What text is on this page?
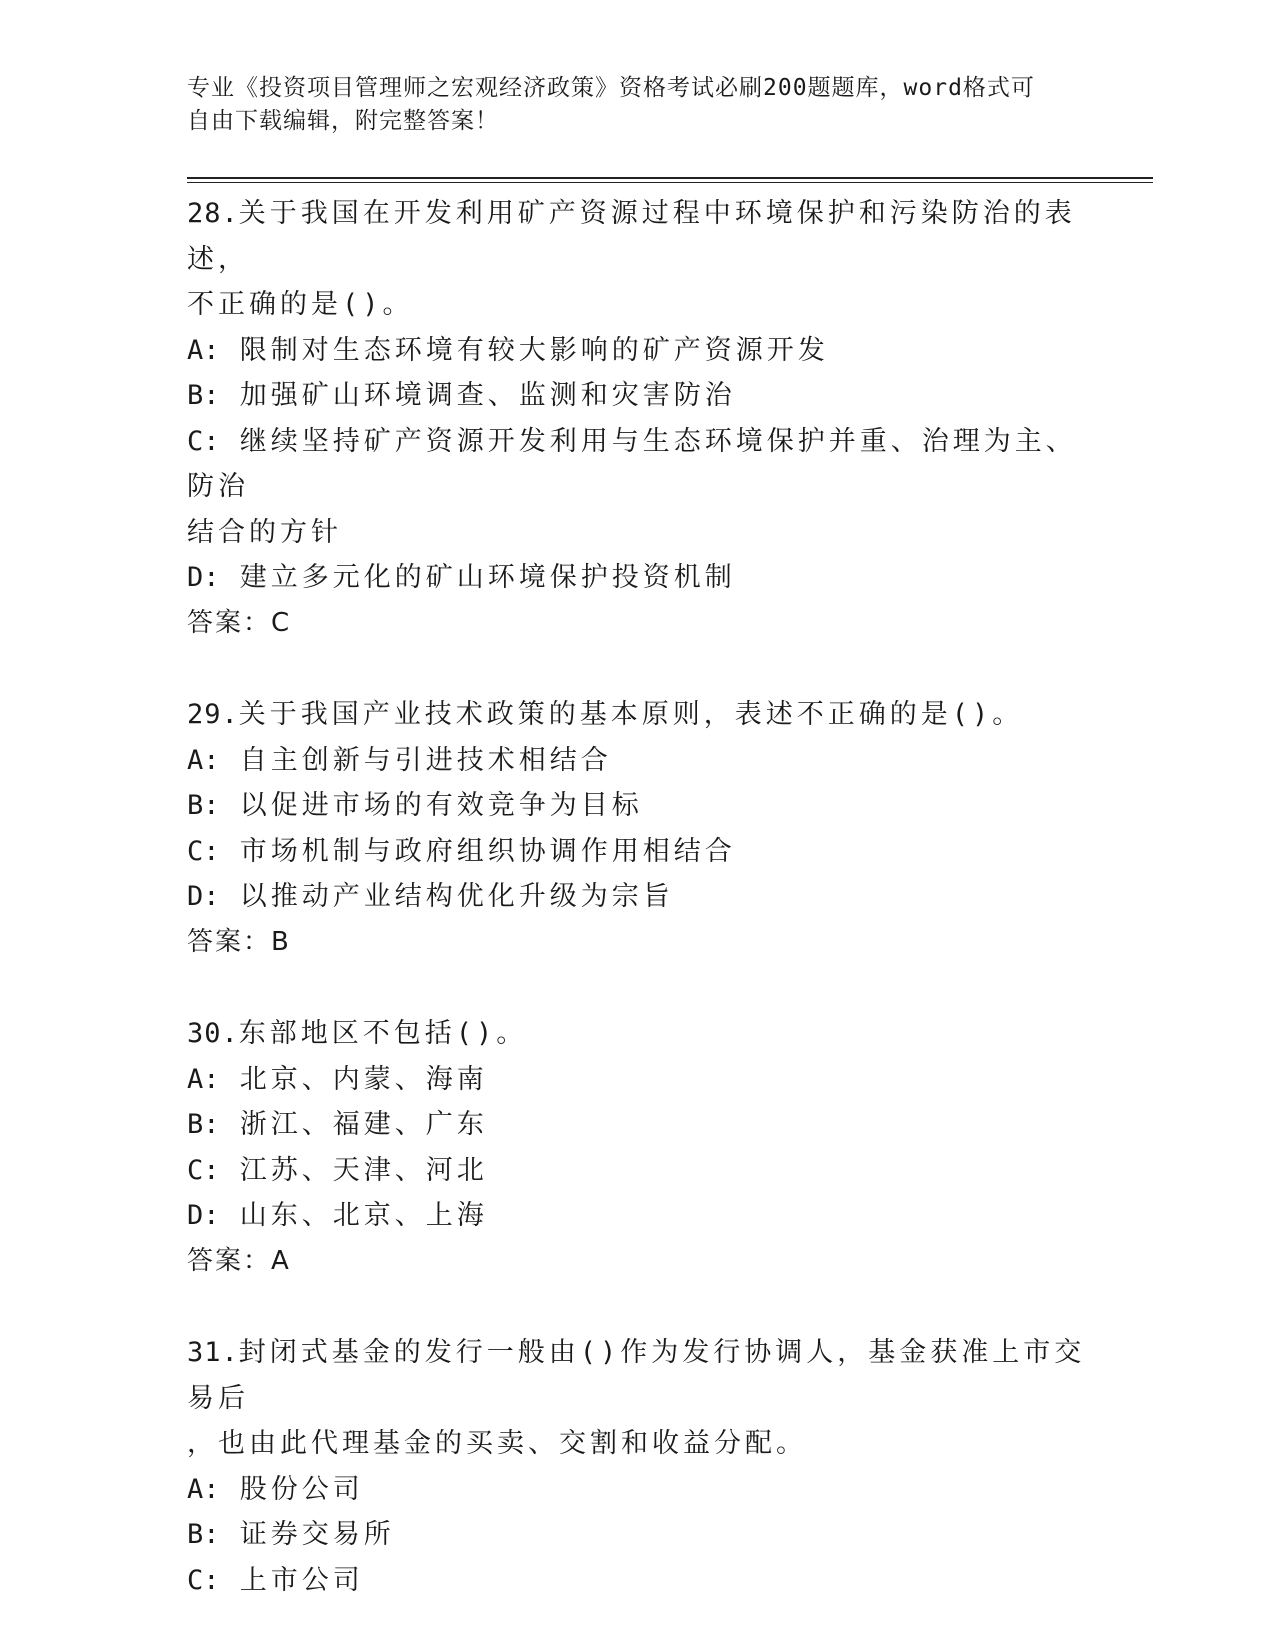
专业《投资项目管理师之宏观经济政策》资格考试必刷200题题库，word格式可
自由下载编辑，附完整答案！

28.关于我国在开发利用矿产资源过程中环境保护和污染防治的表述，

不正确的是()。

A: 限制对生态环境有较大影响的矿产资源开发

B: 加强矿山环境调查、监测和灾害防治

C: 继续坚持矿产资源开发利用与生态环境保护并重、治理为主、防治

结合的方针

D: 建立多元化的矿山环境保护投资机制

答案：C

29.关于我国产业技术政策的基本原则，表述不正确的是()。

A: 自主创新与引进技术相结合

B: 以促进市场的有效竞争为目标

C: 市场机制与政府组织协调作用相结合

D: 以推动产业结构优化升级为宗旨

答案：B

30.东部地区不包括()。

A: 北京、内蒙、海南

B: 浙江、福建、广东

C: 江苏、天津、河北

D: 山东、北京、上海

答案：A

31.封闭式基金的发行一般由()作为发行协调人，基金获准上市交易后

，也由此代理基金的买卖、交割和收益分配。

A: 股份公司

B: 证券交易所

C: 上市公司
